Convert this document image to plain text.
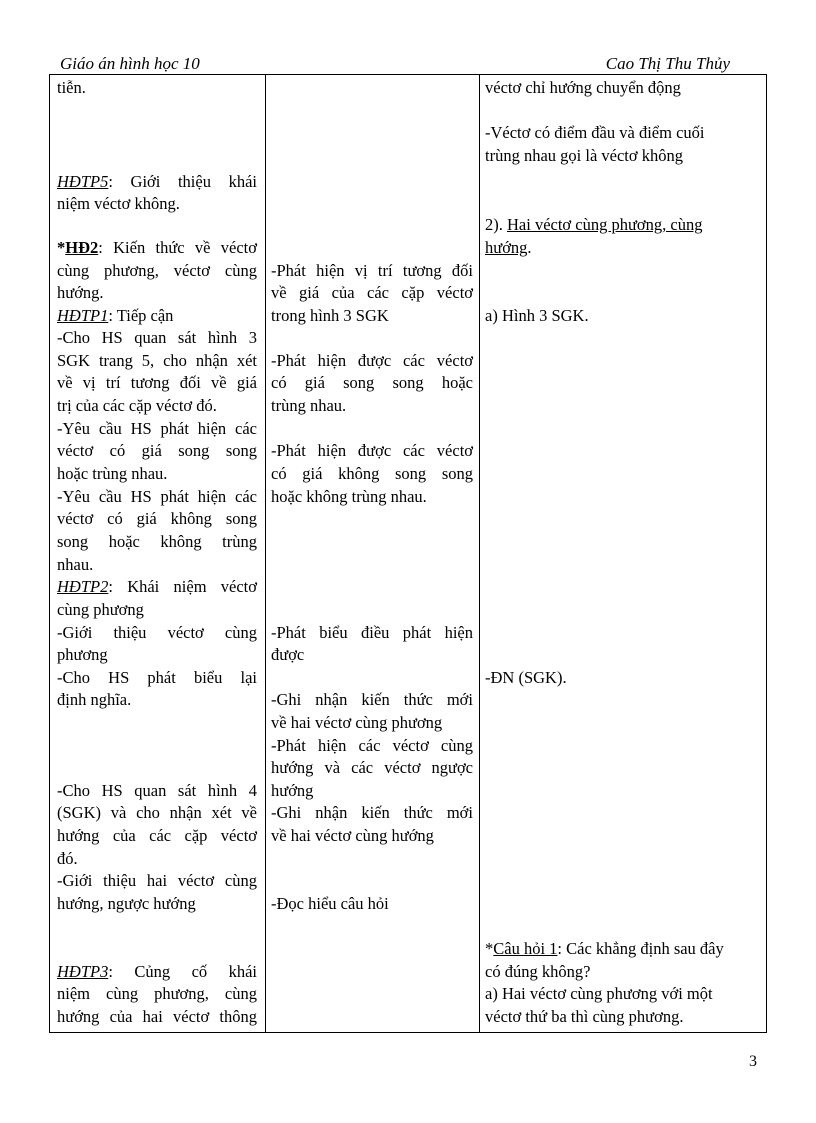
Giáo án hình học 10	Cao Thị Thu Thủy
tiễn.
HĐTP5: Giới thiệu khái
niệm véctơ không.
*HĐ2: Kiến thức về véctơ
cùng phương, véctơ cùng
hướng.
HĐTP1: Tiếp cận
-Cho HS quan sát hình 3
SGK trang 5, cho nhận xét
về vị trí tương đối về giá
trị của các cặp véctơ đó.
-Yêu cầu HS phát hiện các
véctơ có giá song song
hoặc trùng nhau.
-Yêu cầu HS phát hiện các
véctơ có giá không song
song hoặc không trùng
nhau.
HĐTP2: Khái niệm véctơ
cùng phương
-Giới thiệu véctơ cùng
phương
-Cho HS phát biểu lại
định nghĩa.
-Cho HS quan sát hình 4
(SGK) và cho nhận xét về
hướng của các cặp véctơ
đó.
-Giới thiệu hai véctơ cùng
hướng, ngược hướng
HĐTP3: Củng cố khái
niệm cùng phương, cùng
hướng của hai véctơ thông
-Phát hiện vị trí tương đối
về giá của các cặp véctơ
trong hình 3 SGK
-Phát hiện được các véctơ
có giá song song hoặc
trùng nhau.
-Phát hiện được các véctơ
có giá không song song
hoặc không trùng nhau.
-Phát biểu điều phát hiện
được
-Ghi nhận kiến thức mới
về hai véctơ cùng phương
-Phát hiện các véctơ cùng
hướng và các véctơ ngược
hướng
-Ghi nhận kiến thức mới
về hai véctơ cùng hướng
-Đọc hiểu câu hỏi
véctơ chỉ hướng chuyển động
-Véctơ có điểm đầu và điểm cuối
trùng nhau gọi là véctơ không
2). Hai véctơ cùng phương, cùng
hướng.
a) Hình 3 SGK.
-ĐN (SGK).
*Câu hỏi 1: Các khẳng định sau đây
có đúng không?
a) Hai véctơ cùng phương với một
véctơ thứ ba thì cùng phương.
3
